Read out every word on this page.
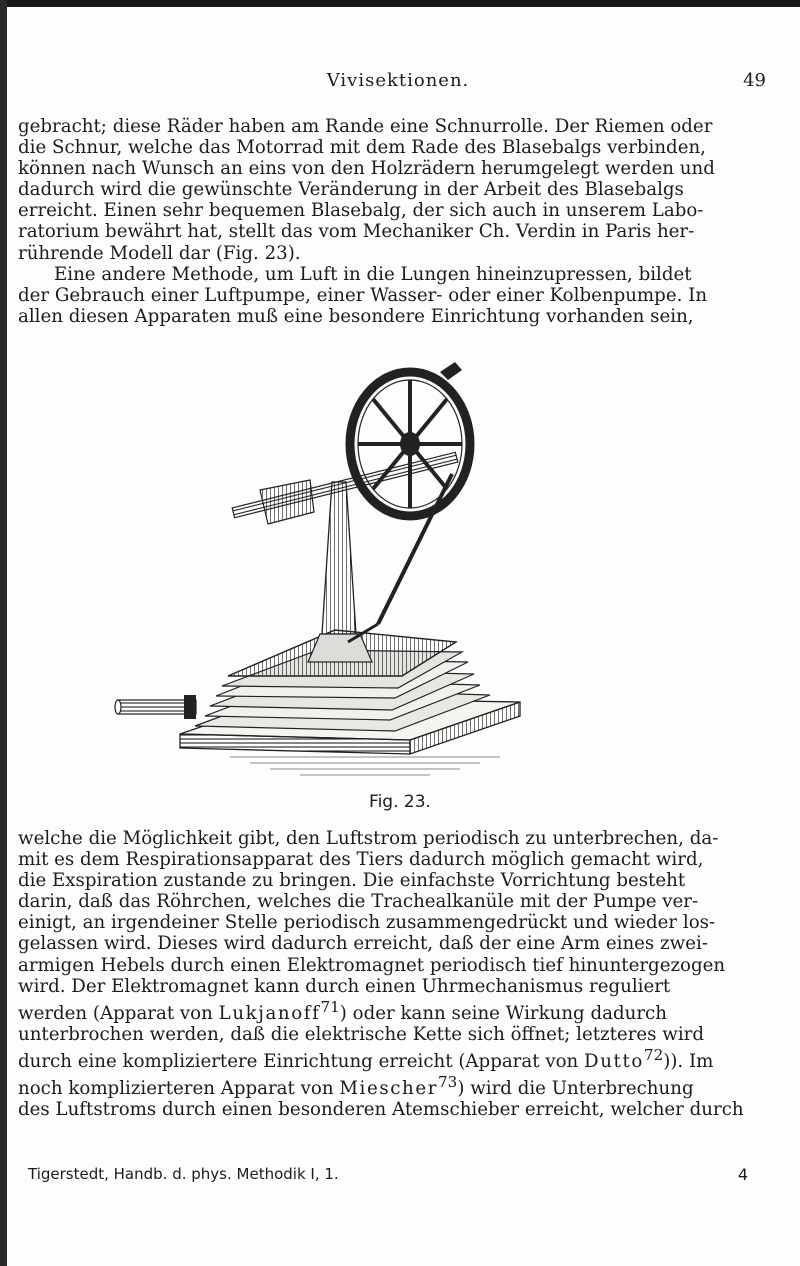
Vivisektionen.	49

gebracht; diese Räder haben am Rande eine Schnurrolle. Der Riemen oder
die Schnur, welche das Motorrad mit dem Rade des Blasebalgs verbinden,
können nach Wunsch an eins von den Holzrädern herumgelegt werden und
dadurch wird die gewünschte Veränderung in der Arbeit des Blasebalgs
erreicht. Einen sehr bequemen Blasebalg, der sich auch in unserem Labo-
ratorium bewährt hat, stellt das vom Mechaniker Ch. Verdin in Paris her-
rührende Modell dar (Fig. 23).

Eine andere Methode, um Luft in die Lungen hineinzupressen, bildet
der Gebrauch einer Luftpumpe, einer Wasser- oder einer Kolbenpumpe. In
allen diesen Apparaten muß eine besondere Einrichtung vorhanden sein,

Fig. 23.

welche die Möglichkeit gibt, den Luftstrom periodisch zu unterbrechen, da-
mit es dem Respirationsapparat des Tiers dadurch möglich gemacht wird,
die Exspiration zustande zu bringen. Die einfachste Vorrichtung besteht
darin, daß das Röhrchen, welches die Trachealkanüle mit der Pumpe ver-
einigt, an irgendeiner Stelle periodisch zusammengedrückt und wieder los-
gelassen wird. Dieses wird dadurch erreicht, daß der eine Arm eines zwei-
armigen Hebels durch einen Elektromagnet periodisch tief hinuntergezogen
wird. Der Elektromagnet kann durch einen Uhrmechanismus reguliert
werden (Apparat von Lukjanoff$^{71}$) oder kann seine Wirkung dadurch
unterbrochen werden, daß die elektrische Kette sich öffnet; letzteres wird
durch eine kompliziertere Einrichtung erreicht (Apparat von Dutto$^{72}$)). Im
noch komplizierteren Apparat von Miescher$^{73}$) wird die Unterbrechung
des Luftstroms durch einen besonderen Atemschieber erreicht, welcher durch

Tigerstedt, Handb. d. phys. Methodik I, 1.	4
